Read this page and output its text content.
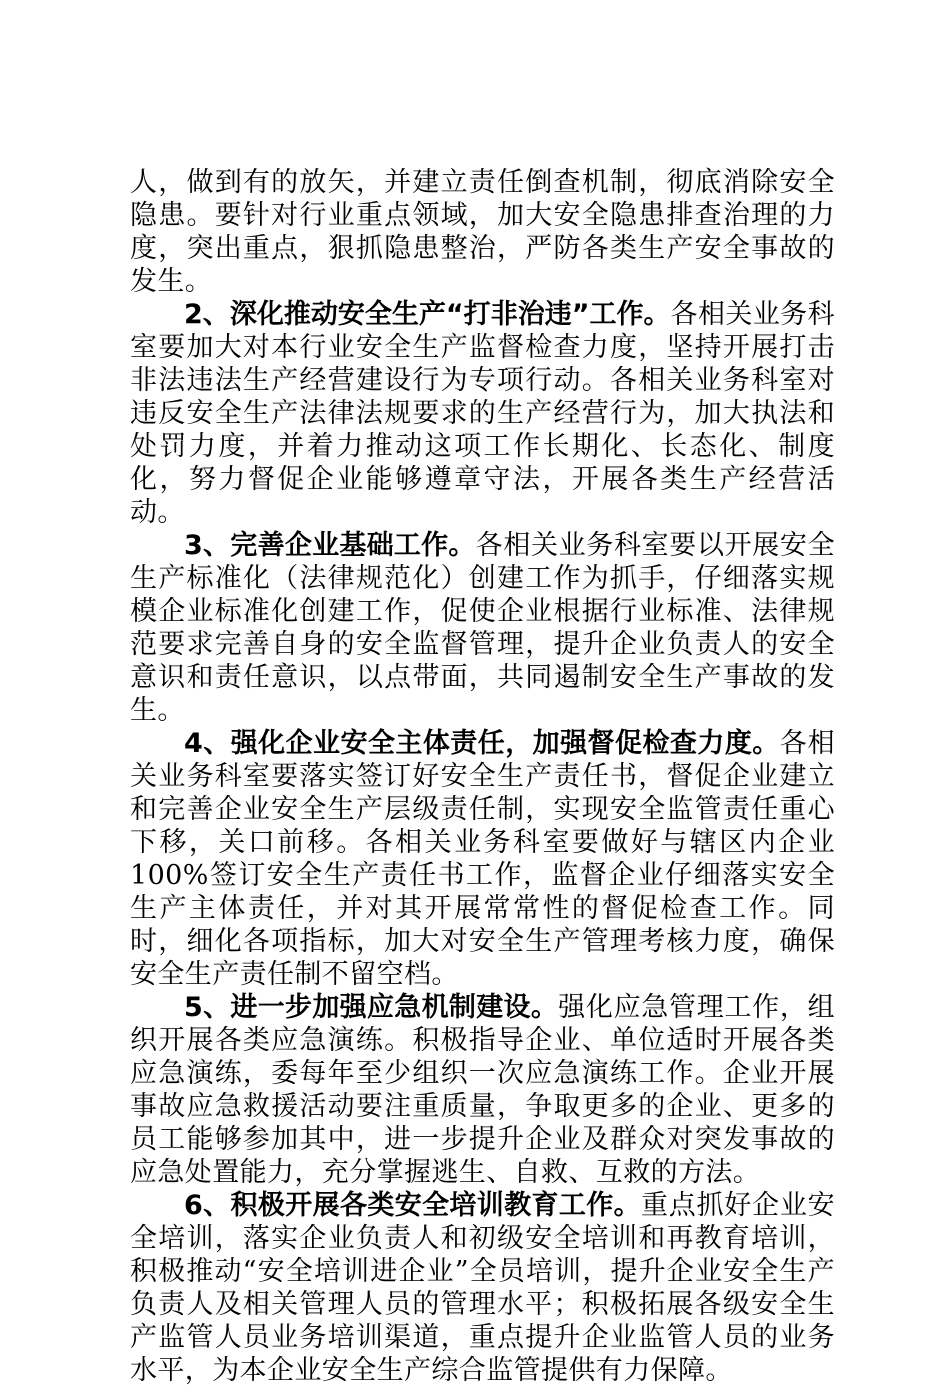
人，做到有的放矢，并建立责任倒查机制，彻底消除安全隐患。要针对行业重点领域，加大安全隐患排查治理的力度，突出重点，狠抓隐患整治，严防各类生产安全事故的发生。

2、深化推动安全生产“打非治违”工作。各相关业务科室要加大对本行业安全生产监督检查力度，坚持开展打击非法违法生产经营建设行为专项行动。各相关业务科室对违反安全生产法律法规要求的生产经营行为，加大执法和处罚力度，并着力推动这项工作长期化、长态化、制度化，努力督促企业能够遵章守法，开展各类生产经营活动。

3、完善企业基础工作。各相关业务科室要以开展安全生产标准化（法律规范化）创建工作为抓手，仔细落实规模企业标准化创建工作，促使企业根据行业标准、法律规范要求完善自身的安全监督管理，提升企业负责人的安全意识和责任意识，以点带面，共同遏制安全生产事故的发生。

4、强化企业安全主体责任，加强督促检查力度。各相关业务科室要落实签订好安全生产责任书，督促企业建立和完善企业安全生产层级责任制，实现安全监管责任重心下移，关口前移。各相关业务科室要做好与辖区内企业100%签订安全生产责任书工作，监督企业仔细落实安全生产主体责任，并对其开展常常性的督促检查工作。同时，细化各项指标，加大对安全生产管理考核力度，确保安全生产责任制不留空档。

5、进一步加强应急机制建设。强化应急管理工作，组织开展各类应急演练。积极指导企业、单位适时开展各类应急演练，委每年至少组织一次应急演练工作。企业开展事故应急救援活动要注重质量，争取更多的企业、更多的员工能够参加其中，进一步提升企业及群众对突发事故的应急处置能力，充分掌握逃生、自救、互救的方法。

6、积极开展各类安全培训教育工作。重点抓好企业安全培训，落实企业负责人和初级安全培训和再教育培训，积极推动“安全培训进企业”全员培训，提升企业安全生产负责人及相关管理人员的管理水平；积极拓展各级安全生产监管人员业务培训渠道，重点提升企业监管人员的业务水平，为本企业安全生产综合监管提供有力保障。
